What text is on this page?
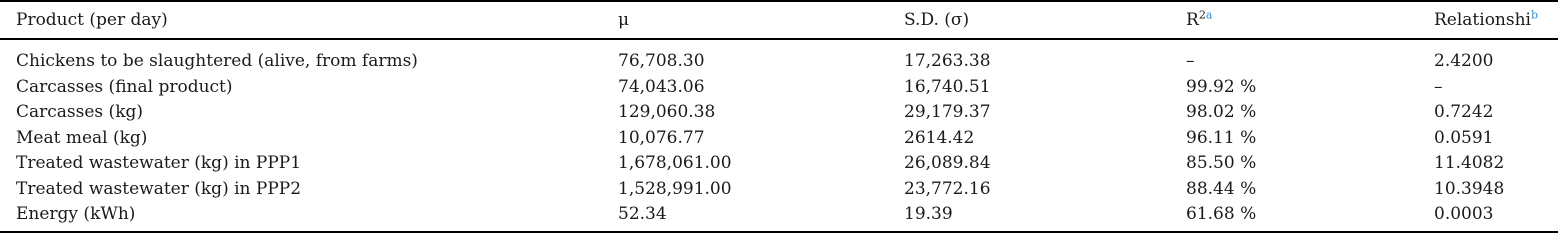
Product (per day)	μ	S.D. (σ)	$R^{2a}$	Relationshi$^b$
Chickens to be slaughtered (alive, from farms)	76,708.30	17,263.38	–	2.4200
Carcasses (final product)	74,043.06	16,740.51	99.92 %	–
Carcasses (kg)	129,060.38	29,179.37	98.02 %	0.7242
Meat meal (kg)	10,076.77	2614.42	96.11 %	0.0591
Treated wastewater (kg) in PPP1	1,678,061.00	26,089.84	85.50 %	11.4082
Treated wastewater (kg) in PPP2	1,528,991.00	23,772.16	88.44 %	10.3948
Energy (kWh)	52.34	19.39	61.68 %	0.0003
